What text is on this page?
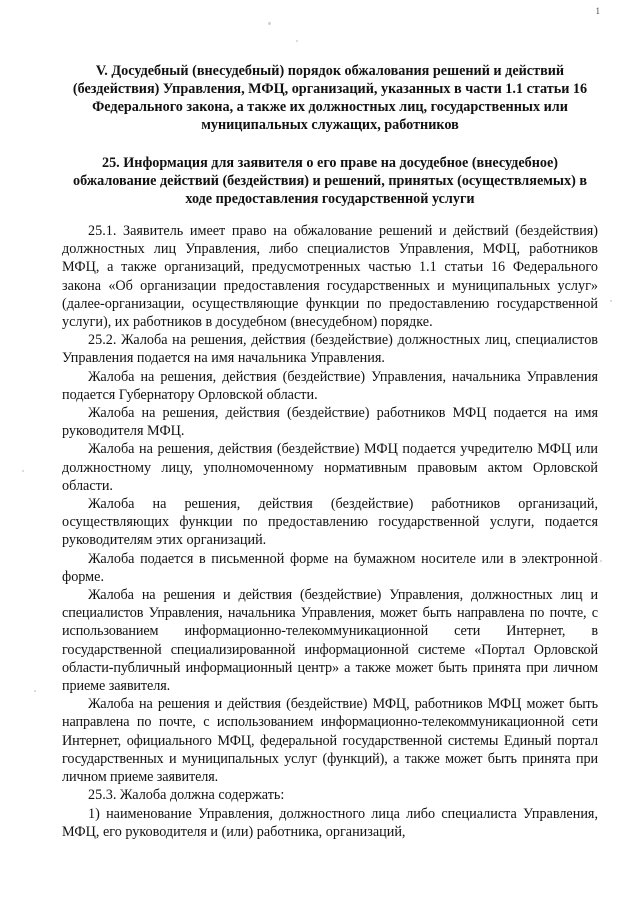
1

V. Досудебный (внесудебный) порядок обжалования решений и действий (бездействия) Управления, МФЦ, организаций, указанных в части 1.1 статьи 16 Федерального закона, а также их должностных лиц, государственных или муниципальных служащих, работников

25. Информация для заявителя о его праве на досудебное (внесудебное) обжалование действий (бездействия) и решений, принятых (осуществляемых) в ходе предоставления государственной услуги

25.1. Заявитель имеет право на обжалование решений и действий (бездействия) должностных лиц Управления, либо специалистов Управления, МФЦ, работников МФЦ, а также организаций, предусмотренных частью 1.1 статьи 16 Федерального закона «Об организации предоставления государственных и муниципальных услуг» (далее-организации, осуществляющие функции по предоставлению государственной услуги), их работников в досудебном (внесудебном) порядке.

25.2. Жалоба на решения, действия (бездействие) должностных лиц, специалистов Управления подается на имя начальника Управления.

Жалоба на решения, действия (бездействие) Управления, начальника Управления подается Губернатору Орловской области.

Жалоба на решения, действия (бездействие) работников МФЦ подается на имя руководителя МФЦ.

Жалоба на решения, действия (бездействие) МФЦ подается учредителю МФЦ или должностному лицу, уполномоченному нормативным правовым актом Орловской области.

Жалоба на решения, действия (бездействие) работников организаций, осуществляющих функции по предоставлению государственной услуги, подается руководителям этих организаций.

Жалоба подается в письменной форме на бумажном носителе или в электронной форме.

Жалоба на решения и действия (бездействие) Управления, должностных лиц и специалистов Управления, начальника Управления, может быть направлена по почте, с использованием информационно-телекоммуникационной сети Интернет, в государственной специализированной информационной системе «Портал Орловской области-публичный информационный центр» а также может быть принята при личном приеме заявителя.

Жалоба на решения и действия (бездействие) МФЦ, работников МФЦ может быть направлена по почте, с использованием информационно-телекоммуникационной сети Интернет, официального МФЦ, федеральной государственной системы Единый портал государственных и муниципальных услуг (функций), а также может быть принята при личном приеме заявителя.

25.3. Жалоба должна содержать:

1) наименование Управления, должностного лица либо специалиста Управления, МФЦ, его руководителя и (или) работника, организаций,
